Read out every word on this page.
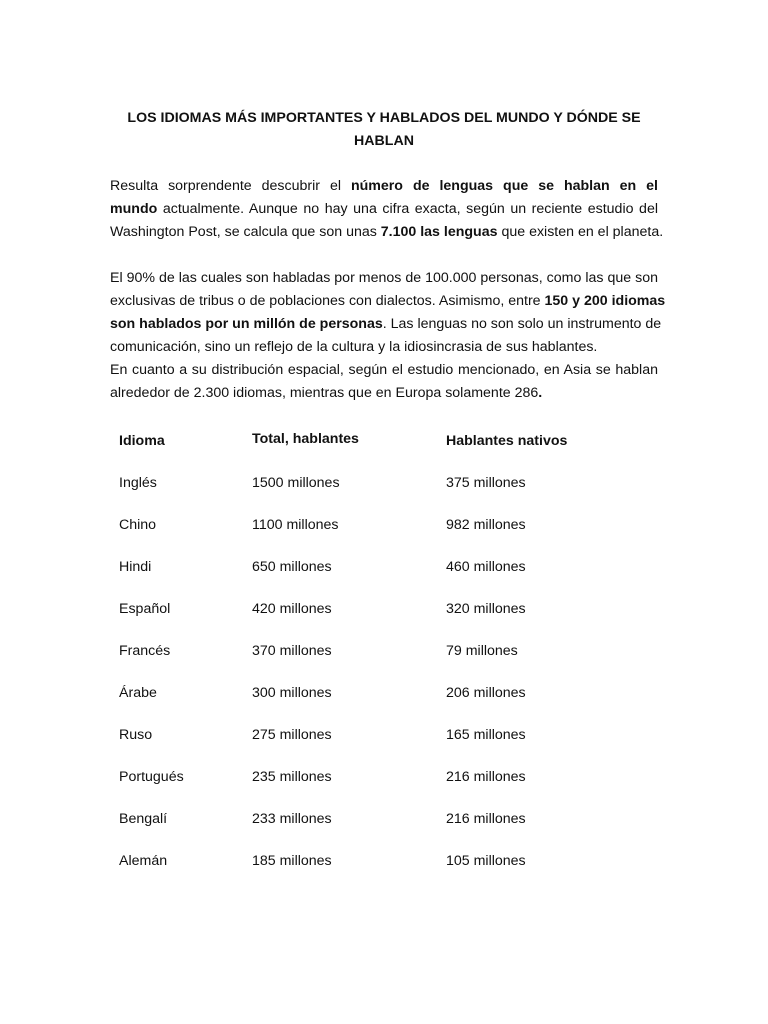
LOS IDIOMAS MÁS IMPORTANTES Y HABLADOS DEL MUNDO Y DÓNDE SE
HABLAN
Resulta sorprendente descubrir el número de lenguas que se hablan en el
mundo actualmente. Aunque no hay una cifra exacta, según un reciente estudio del
Washington Post, se calcula que son unas 7.100 las lenguas que existen en el planeta.
El 90% de las cuales son habladas por menos de 100.000 personas, como las que son
exclusivas de tribus o de poblaciones con dialectos. Asimismo, entre 150 y 200 idiomas
son hablados por un millón de personas. Las lenguas no son solo un instrumento de
comunicación, sino un reflejo de la cultura y la idiosincrasia de sus hablantes.
En cuanto a su distribución espacial, según el estudio mencionado, en Asia se hablan
alrededor de 2.300 idiomas, mientras que en Europa solamente 286.
Idioma	Total, hablantes	Hablantes nativos
Inglés	1500 millones	375 millones
Chino	1100 millones	982 millones
Hindi	650 millones	460 millones
Español	420 millones	320 millones
Francés	370 millones	79 millones
Árabe	300 millones	206 millones
Ruso	275 millones	165 millones
Portugués	235 millones	216 millones
Bengalí	233 millones	216 millones
Alemán	185 millones	105 millones
